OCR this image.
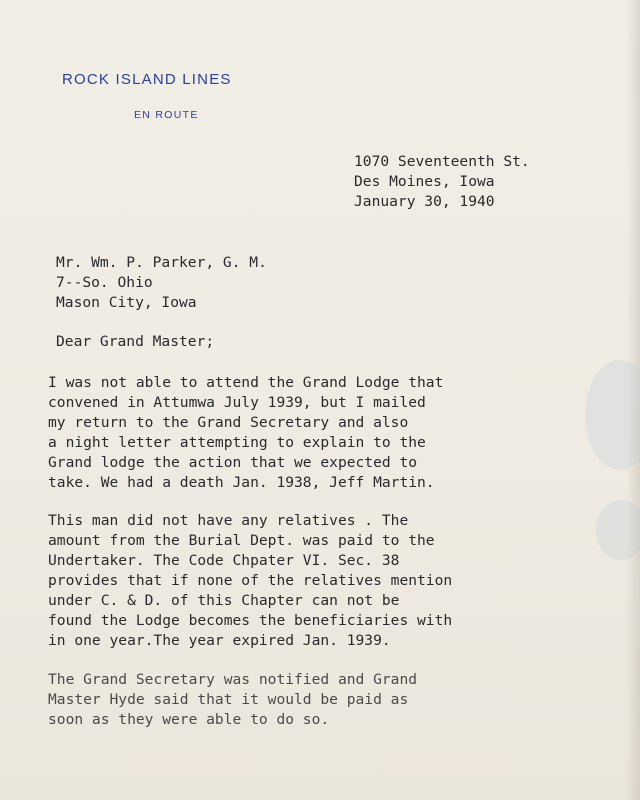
ROCK ISLAND LINES
EN ROUTE
1070 Seventeenth St.
Des Moines, Iowa
January 30, 1940
Mr. Wm. P. Parker, G. M.
7--So. Ohio
Mason City, Iowa
Dear Grand Master;
I was not able to attend the Grand Lodge that
convened in Attumwa July 1939, but I mailed
my return to the Grand Secretary and also
a night letter attempting to explain to the
Grand lodge the action that we expected to
take. We had a death Jan. 1938, Jeff Martin.
This man did not have any relatives . The
amount from the Burial Dept. was paid to the
Undertaker. The Code Chpater VI. Sec. 38
provides that if none of the relatives mention
under C. & D. of this Chapter can not be
found the Lodge becomes the beneficiaries with
in one year.The year expired Jan. 1939.
The Grand Secretary was notified and Grand
Master Hyde said that it would be paid as
soon as they were able to do so.
